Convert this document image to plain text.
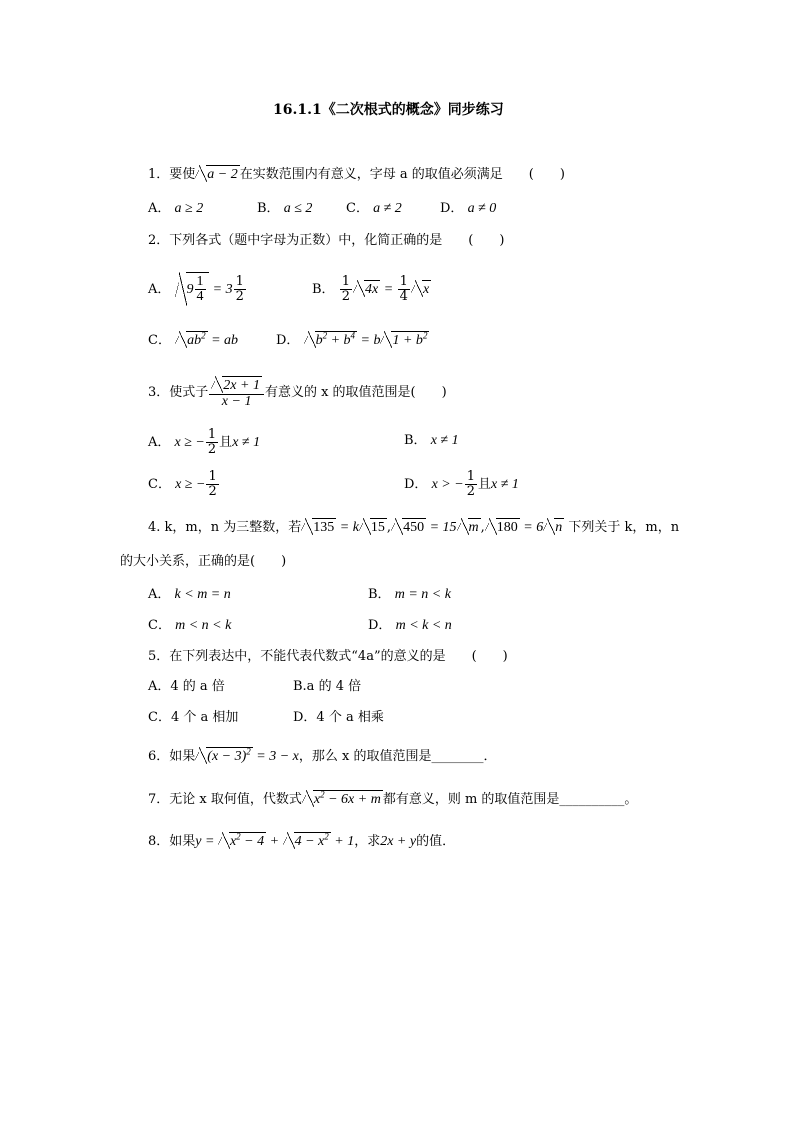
16.1.1《二次根式的概念》同步练习
1．要使 a − 2 在实数范围内有意义，字母 a 的取值必须满足 (　　)
A． a ≥ 2	B． a ≤ 2	C． a ≠ 2	D． a ≠ 0
2．下列各式（题中字母为正数）中，化简正确的是 (　　)
A． $9 \frac{1}{4} = 3 \frac{1}{2}$	B． $\frac{1}{2} 4x = \frac{1}{4}$ x
C． $ab^2$ = ab	D． $b^2 + b^4 = b$ $1 + b^2$
3．使式子 $\frac{2x + 1}{x - 1}$ 有意义的 x 的取值范围是(　　)
A． x ≥ − $\frac{1}{2}$ 且x ≠ 1	B． x ≠ 1
C． x ≥ − $\frac{1}{2}$	D． x > − $\frac{1}{2}$ 且x ≠ 1
4. k，m，n 为三整数，若 135 = k 15 , 450 = 15 m , 180 = 6 n 下列关于 k，m，n
的大小关系，正确的是(　　)
A． k < m = n	B． m = n < k
C． m < n < k	D． m < k < n
5．在下列表达中，不能代表代数式“4a”的意义的是 (　　)
A．4 的 a 倍	B.a 的 4 倍
C．4 个 a 相加	D．4 个 a 相乘
6．如果 $(x - 3)^2 = 3 - x$，那么 x 的取值范围是________．
7．无论 x 取何值，代数式 $x^2 - 6x + m$ 都有意义，则 m 的取值范围是__________。
8．如果$y = x^2 - 4 + 4 - x^2 + 1$，求2x + y的值．
